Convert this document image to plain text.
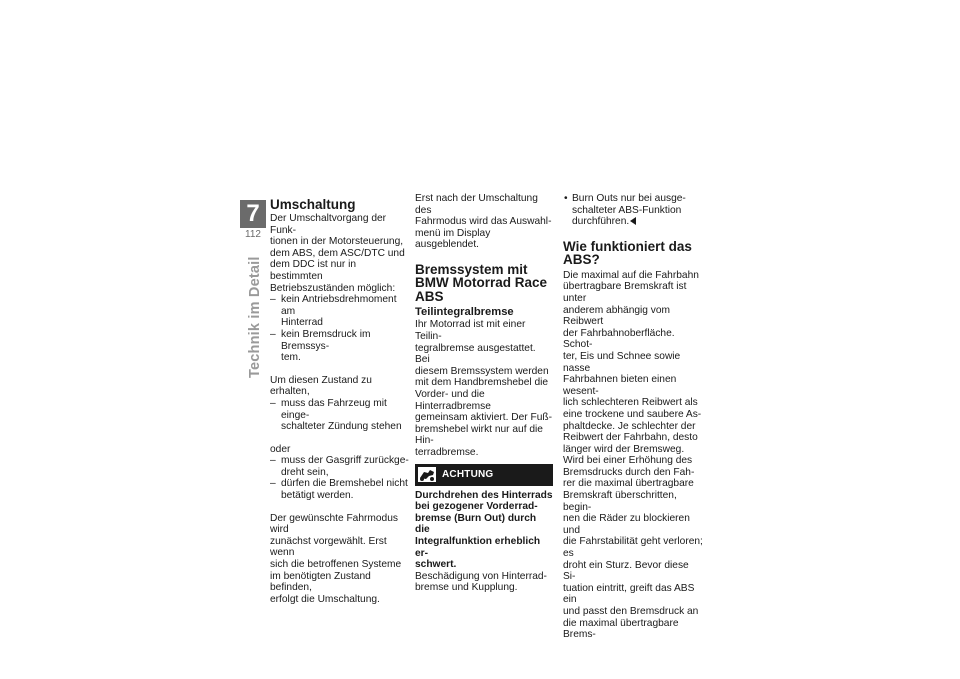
7
112
Technik im Detail
Umschaltung

Der Umschaltvorgang der Funk-
tionen in der Motorsteuerung,
dem ABS, dem ASC/DTC und
dem DDC ist nur in bestimmten
Betriebszuständen möglich:

– kein Antriebsdrehmoment am
Hinterrad
– kein Bremsdruck im Bremssys-
tem.

Um diesen Zustand zu erhalten,

– muss das Fahrzeug mit einge-
schalteter Zündung stehen

oder

– muss der Gasgriff zurückge-
dreht sein,
– dürfen die Bremshebel nicht
betätigt werden.

Der gewünschte Fahrmodus wird
zunächst vorgewählt. Erst wenn
sich die betroffenen Systeme
im benötigten Zustand befinden,
erfolgt die Umschaltung.

Erst nach der Umschaltung des
Fahrmodus wird das Auswahl-
menü im Display ausgeblendet.

Bremssystem mit
BMW Motorrad Race
ABS
Teilintegralbremse

Ihr Motorrad ist mit einer Teilin-
tegralbremse ausgestattet. Bei
diesem Bremssystem werden
mit dem Handbremshebel die
Vorder- und die Hinterradbremse
gemeinsam aktiviert. Der Fuß-
bremshebel wirkt nur auf die Hin-
terradbremse.

ACHTUNG

Durchdrehen des Hinterrads
bei gezogener Vorderrad-
bremse (Burn Out) durch die
Integralfunktion erheblich er-
schwert.

Beschädigung von Hinterrad-
bremse und Kupplung.

• Burn Outs nur bei ausge-
schalteter ABS-Funktion
durchführen.
Wie funktioniert das ABS?

Die maximal auf die Fahrbahn
übertragbare Bremskraft ist unter
anderem abhängig vom Reibwert
der Fahrbahnoberfläche. Schot-
ter, Eis und Schnee sowie nasse
Fahrbahnen bieten einen wesent-
lich schlechteren Reibwert als
eine trockene und saubere As-
phaltdecke. Je schlechter der
Reibwert der Fahrbahn, desto
länger wird der Bremsweg.
Wird bei einer Erhöhung des
Bremsdrucks durch den Fah-
rer die maximal übertragbare
Bremskraft überschritten, begin-
nen die Räder zu blockieren und
die Fahrstabilität geht verloren; es
droht ein Sturz. Bevor diese Si-
tuation eintritt, greift das ABS ein
und passt den Bremsdruck an
die maximal übertragbare Brems-
